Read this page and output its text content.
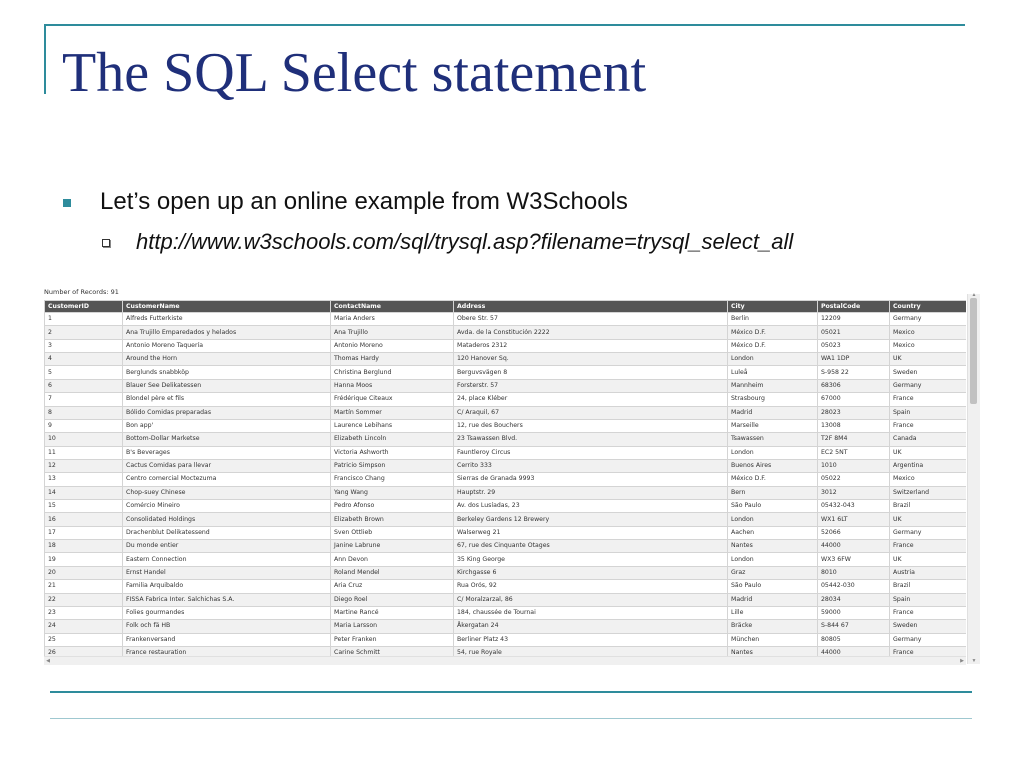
The SQL Select statement
Let’s open up an online example from W3Schools
http://www.w3schools.com/sql/trysql.asp?filename=trysql_select_all
Number of Records: 91
CustomerID	CustomerName	ContactName	Address	City	PostalCode	Country
1	Alfreds Futterkiste	Maria Anders	Obere Str. 57	Berlin	12209	Germany
2	Ana Trujillo Emparedados y helados	Ana Trujillo	Avda. de la Constitución 2222	México D.F.	05021	Mexico
3	Antonio Moreno Taquería	Antonio Moreno	Mataderos 2312	México D.F.	05023	Mexico
4	Around the Horn	Thomas Hardy	120 Hanover Sq.	London	WA1 1DP	UK
5	Berglunds snabbköp	Christina Berglund	Berguvsvägen 8	Luleå	S-958 22	Sweden
6	Blauer See Delikatessen	Hanna Moos	Forsterstr. 57	Mannheim	68306	Germany
7	Blondel père et fils	Frédérique Citeaux	24, place Kléber	Strasbourg	67000	France
8	Bólido Comidas preparadas	Martín Sommer	C/ Araquil, 67	Madrid	28023	Spain
9	Bon app'	Laurence Lebihans	12, rue des Bouchers	Marseille	13008	France
10	Bottom-Dollar Marketse	Elizabeth Lincoln	23 Tsawassen Blvd.	Tsawassen	T2F 8M4	Canada
11	B's Beverages	Victoria Ashworth	Fauntleroy Circus	London	EC2 5NT	UK
12	Cactus Comidas para llevar	Patricio Simpson	Cerrito 333	Buenos Aires	1010	Argentina
13	Centro comercial Moctezuma	Francisco Chang	Sierras de Granada 9993	México D.F.	05022	Mexico
14	Chop-suey Chinese	Yang Wang	Hauptstr. 29	Bern	3012	Switzerland
15	Comércio Mineiro	Pedro Afonso	Av. dos Lusíadas, 23	São Paulo	05432-043	Brazil
16	Consolidated Holdings	Elizabeth Brown	Berkeley Gardens 12 Brewery	London	WX1 6LT	UK
17	Drachenblut Delikatessend	Sven Ottlieb	Walserweg 21	Aachen	52066	Germany
18	Du monde entier	Janine Labrune	67, rue des Cinquante Otages	Nantes	44000	France
19	Eastern Connection	Ann Devon	35 King George	London	WX3 6FW	UK
20	Ernst Handel	Roland Mendel	Kirchgasse 6	Graz	8010	Austria
21	Familia Arquibaldo	Aria Cruz	Rua Orós, 92	São Paulo	05442-030	Brazil
22	FISSA Fabrica Inter. Salchichas S.A.	Diego Roel	C/ Moralzarzal, 86	Madrid	28034	Spain
23	Folies gourmandes	Martine Rancé	184, chaussée de Tournai	Lille	59000	France
24	Folk och fä HB	Maria Larsson	Åkergatan 24	Bräcke	S-844 67	Sweden
25	Frankenversand	Peter Franken	Berliner Platz 43	München	80805	Germany
26	France restauration	Carine Schmitt	54, rue Royale	Nantes	44000	France
▲
▼
◀	▶
